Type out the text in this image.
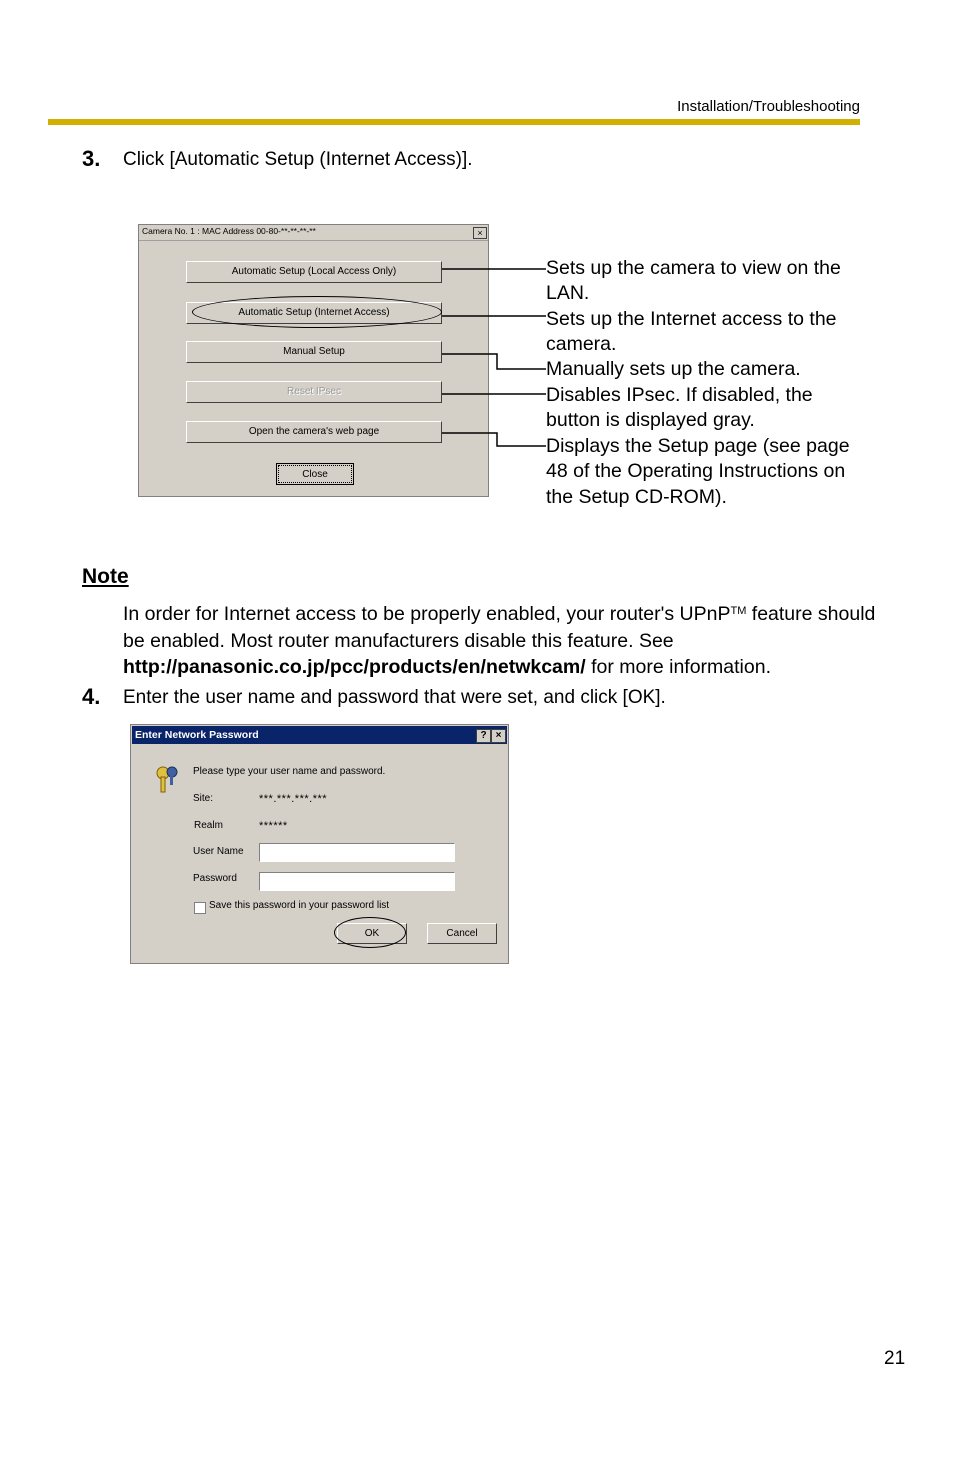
Installation/Troubleshooting
3. Click [Automatic Setup (Internet Access)].
Camera No. 1 : MAC Address 00-80-**-**-**-**	×
Automatic Setup (Local Access Only)
Automatic Setup (Internet Access)
Manual Setup
Reset IPsec
Open the camera's web page
Close
Sets up the camera to view on the LAN.
Sets up the Internet access to the camera.
Manually sets up the camera.
Disables IPsec. If disabled, the button is displayed gray.
Displays the Setup page (see page 48 of the Operating Instructions on the Setup CD-ROM).
Note
In order for Internet access to be properly enabled, your router's UPnP™ feature should be enabled. Most router manufacturers disable this feature. See http://panasonic.co.jp/pcc/products/en/netwkcam/ for more information.
4. Enter the user name and password that were set, and click [OK].
Enter Network Password	? ×
Please type your user name and password.
Site:	***.***.***.***
Realm	******
User Name
Password
Save this password in your password list
OK	Cancel
21
